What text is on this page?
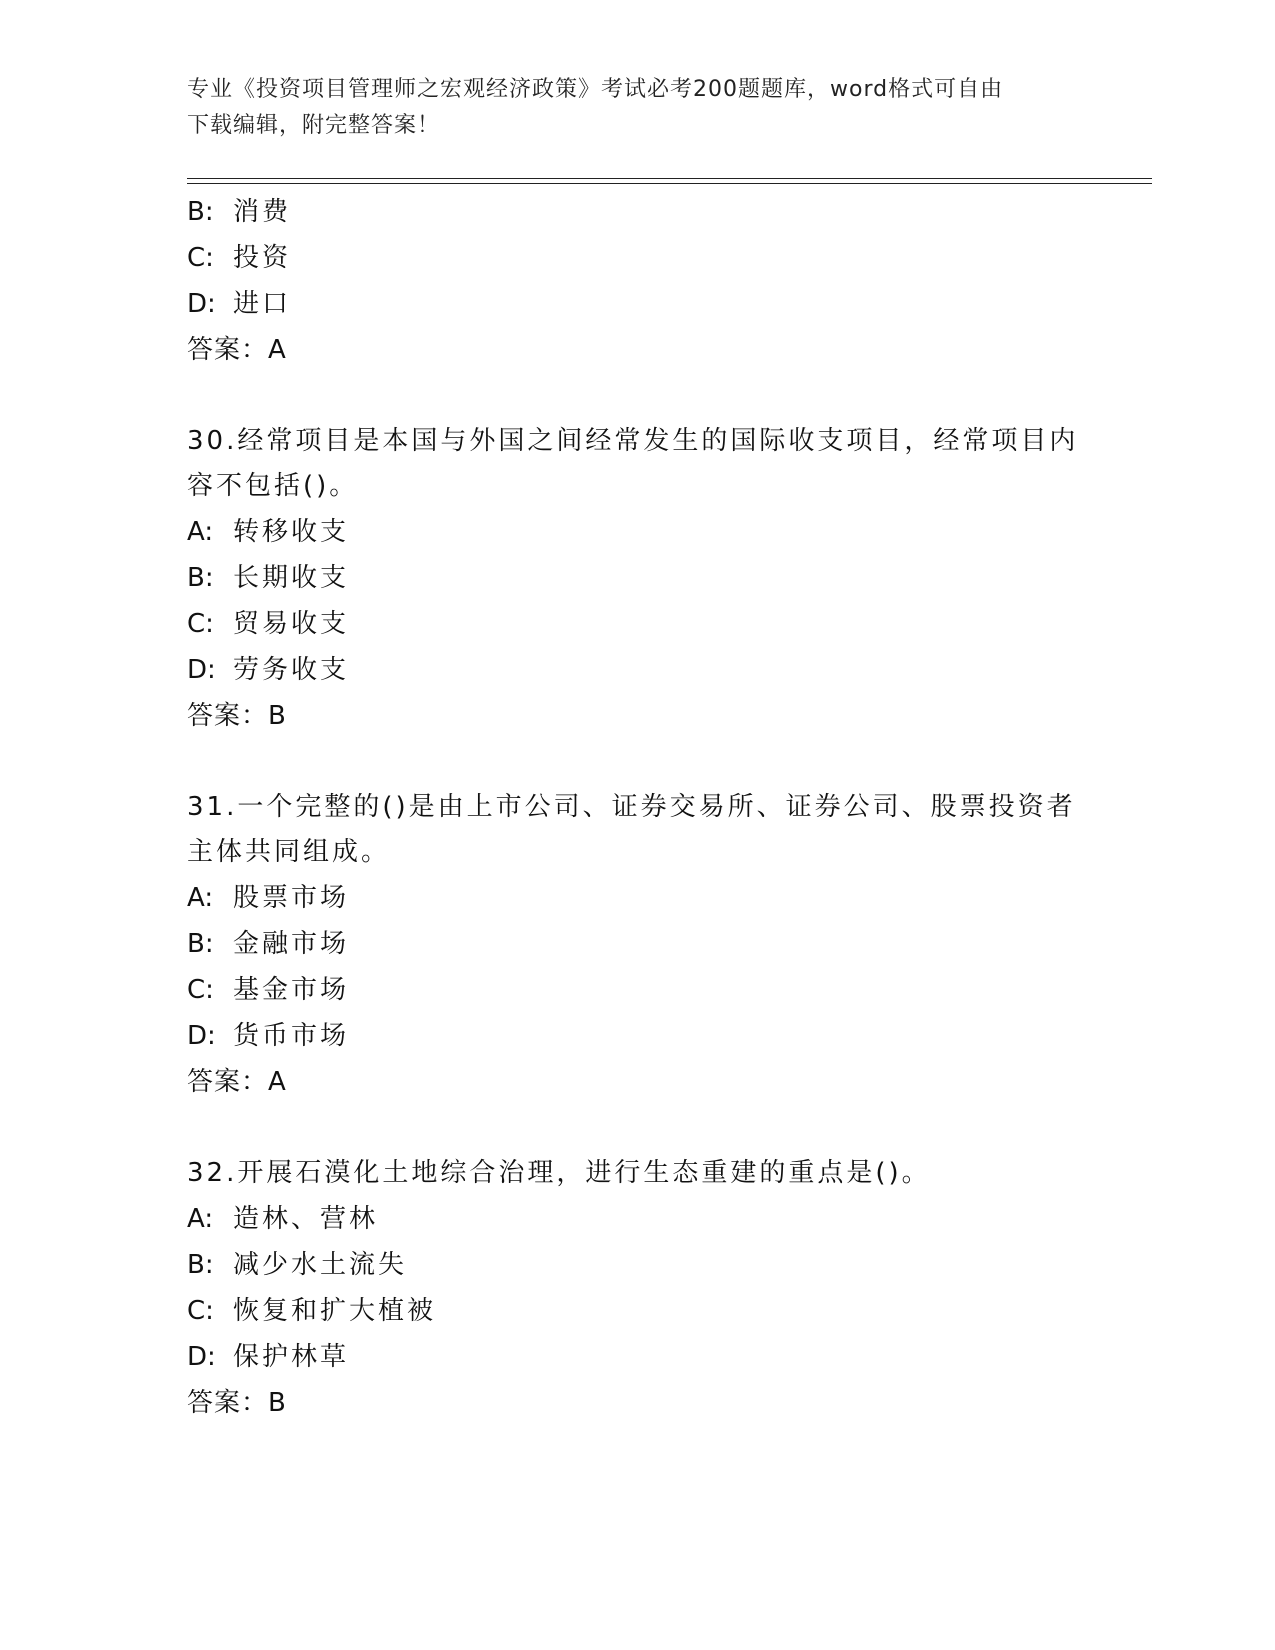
专业《投资项目管理师之宏观经济政策》考试必考200题题库，word格式可自由
下载编辑，附完整答案！
B: 消费
C: 投资
D: 进口
答案：A
30.经常项目是本国与外国之间经常发生的国际收支项目，经常项目内
容不包括()。
A: 转移收支
B: 长期收支
C: 贸易收支
D: 劳务收支
答案：B
31.一个完整的()是由上市公司、证券交易所、证券公司、股票投资者
主体共同组成。
A: 股票市场
B: 金融市场
C: 基金市场
D: 货币市场
答案：A
32.开展石漠化土地综合治理，进行生态重建的重点是()。
A: 造林、营林
B: 减少水土流失
C: 恢复和扩大植被
D: 保护林草
答案：B
